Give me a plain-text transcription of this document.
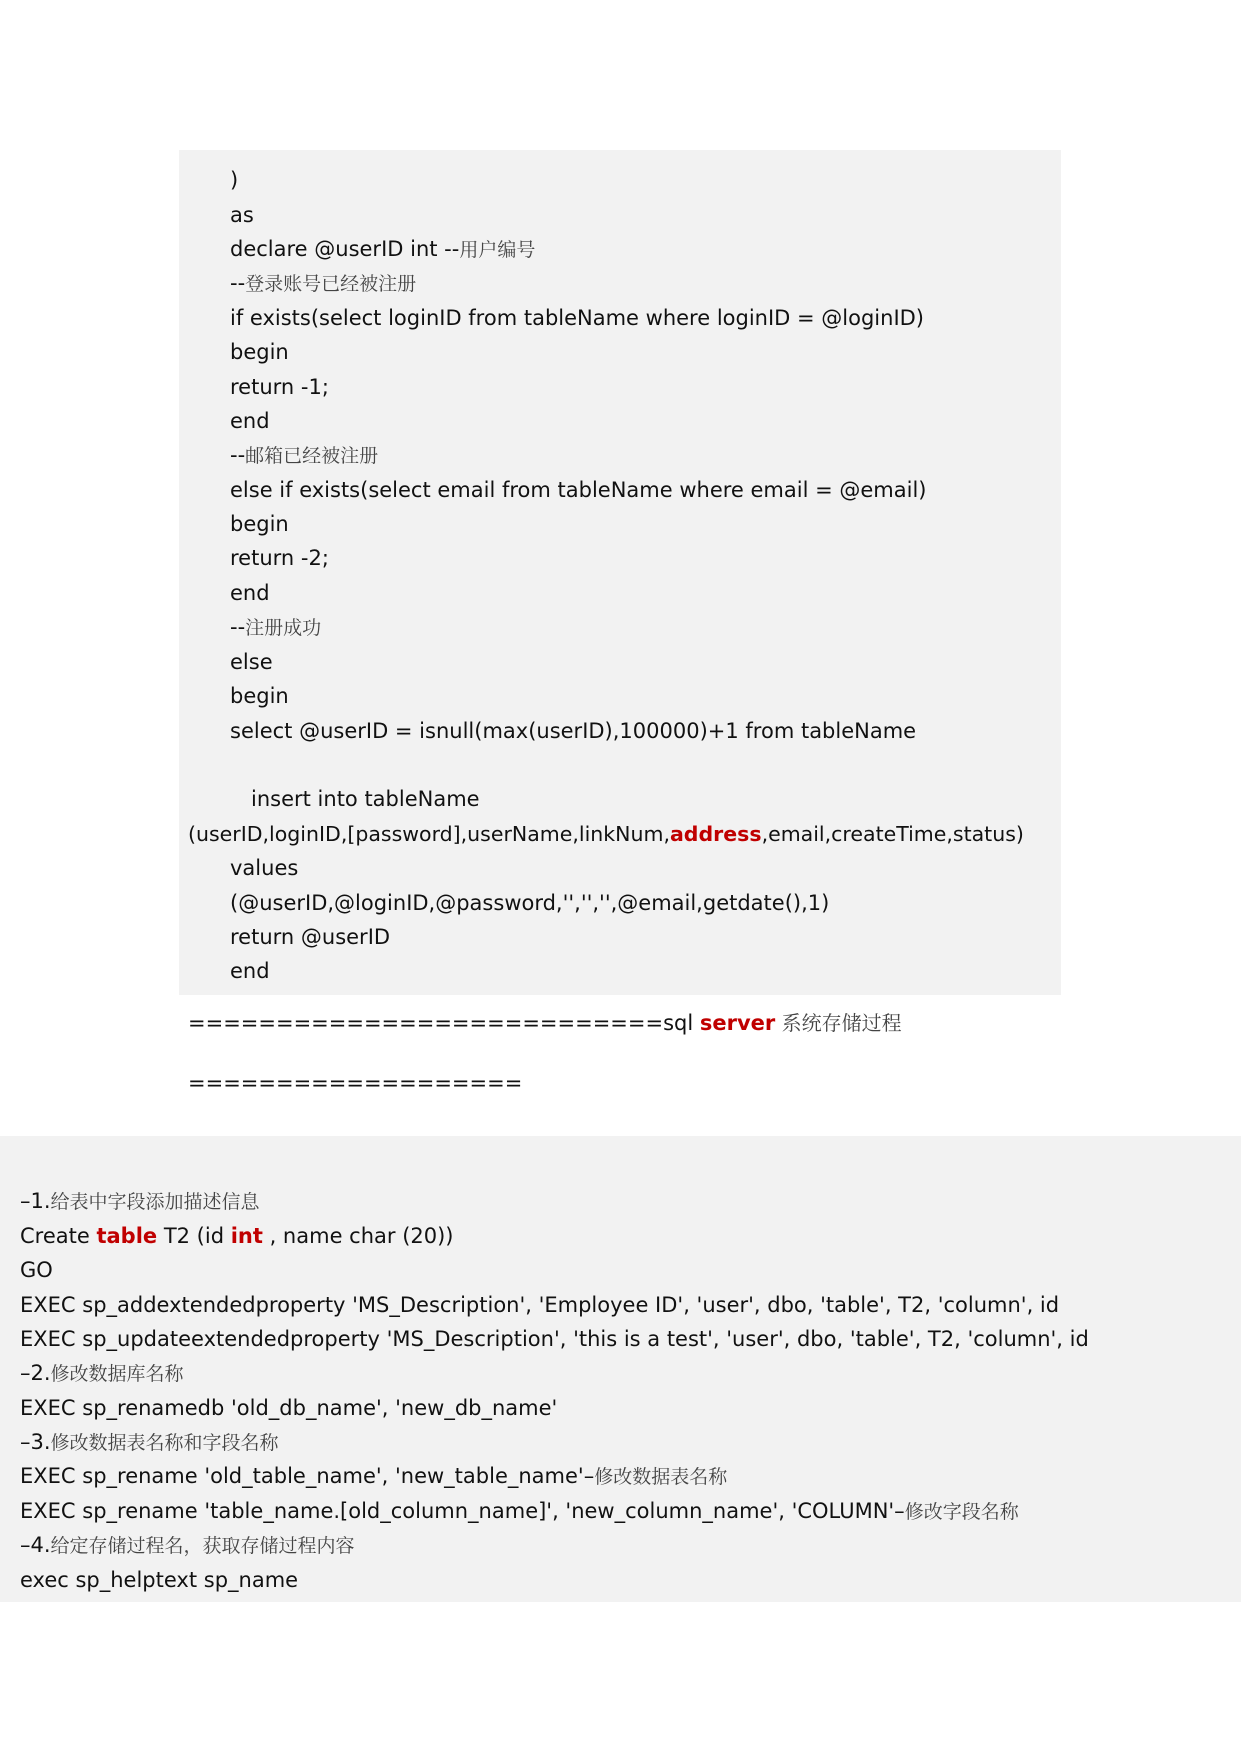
)
as
declare @userID int --用户编号
--登录账号已经被注册
if exists(select loginID from tableName where loginID = @loginID)
begin
return -1;
end
--邮箱已经被注册
else if exists(select email from tableName where email = @email)
begin
return -2;
end
--注册成功
else
begin
select @userID = isnull(max(userID),100000)+1 from tableName
insert into tableName
(userID,loginID,[password],userName,linkNum,address,email,createTime,status)
values
(@userID,@loginID,@password,'','','',@email,getdate(),1)
return @userID
end
===========================sql server 系统存储过程
===================
–1.给表中字段添加描述信息
Create table T2 (id int , name char (20))
GO
EXEC sp_addextendedproperty 'MS_Description', 'Employee ID', 'user', dbo, 'table', T2, 'column', id
EXEC sp_updateextendedproperty 'MS_Description', 'this is a test', 'user', dbo, 'table', T2, 'column', id
–2.修改数据库名称
EXEC sp_renamedb 'old_db_name', 'new_db_name'
–3.修改数据表名称和字段名称
EXEC sp_rename 'old_table_name', 'new_table_name'–修改数据表名称
EXEC sp_rename 'table_name.[old_column_name]', 'new_column_name', 'COLUMN'–修改字段名称
–4.给定存储过程名，获取存储过程内容
exec sp_helptext sp_name
